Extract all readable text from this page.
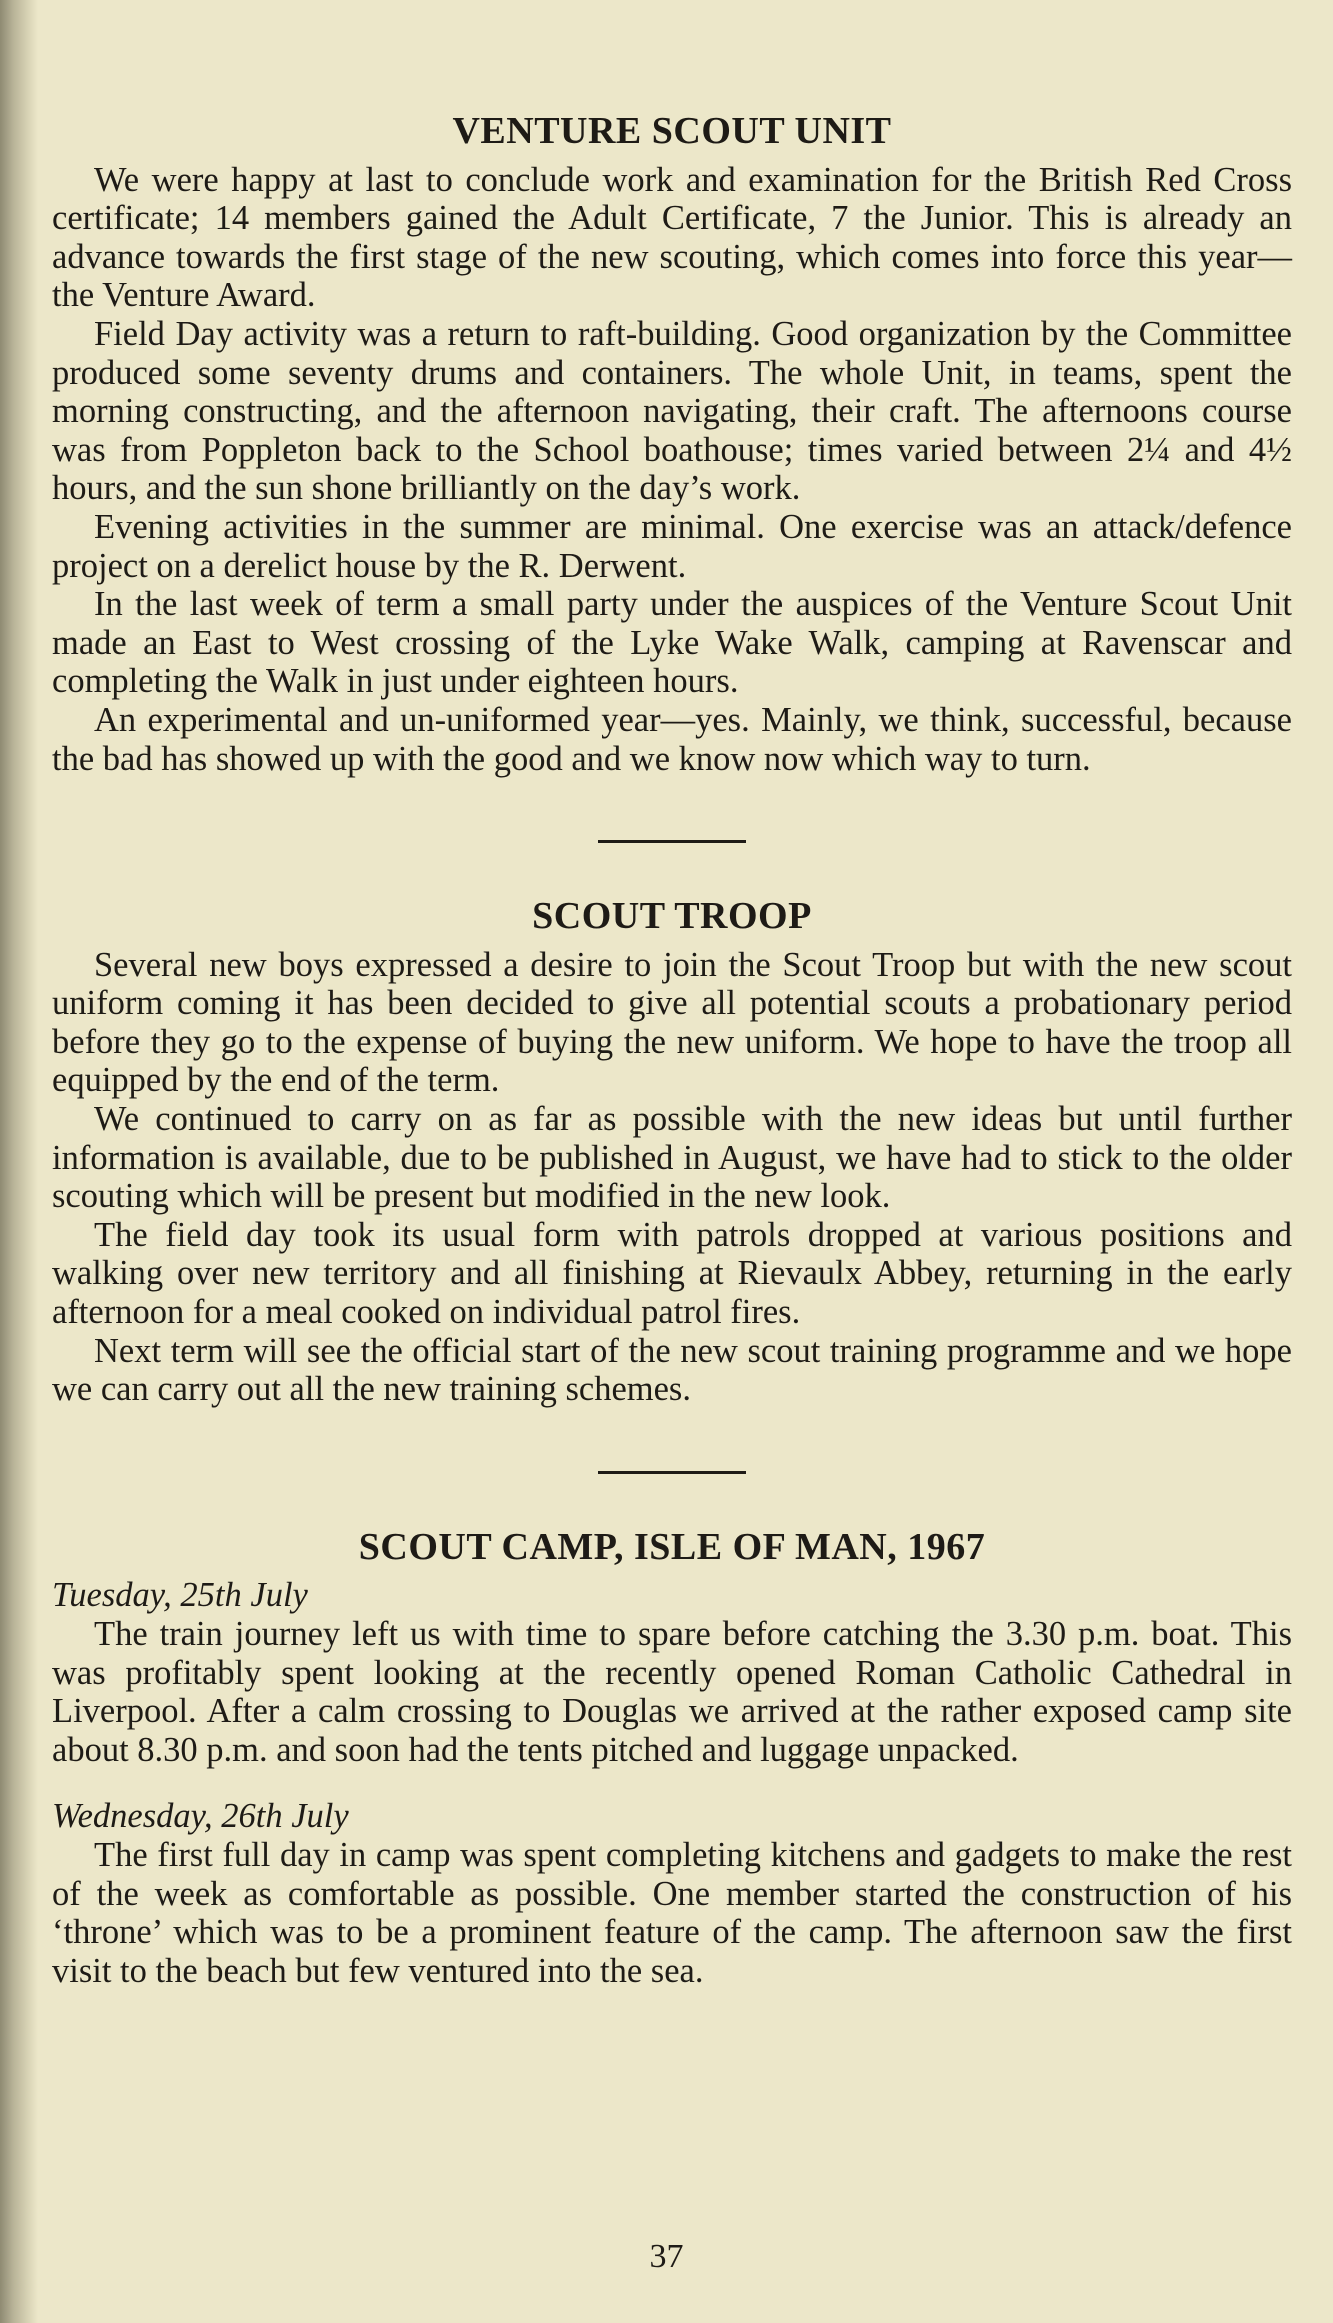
VENTURE SCOUT UNIT

We were happy at last to conclude work and examination for the British Red Cross certificate; 14 members gained the Adult Certificate, 7 the Junior. This is already an advance towards the first stage of the new scouting, which comes into force this year—the Venture Award.

Field Day activity was a return to raft-building. Good organization by the Committee produced some seventy drums and containers. The whole Unit, in teams, spent the morning constructing, and the afternoon navigating, their craft. The afternoons course was from Poppleton back to the School boathouse; times varied between 2¼ and 4½ hours, and the sun shone brilliantly on the day’s work.

Evening activities in the summer are minimal. One exercise was an attack/defence project on a derelict house by the R. Derwent.

In the last week of term a small party under the auspices of the Venture Scout Unit made an East to West crossing of the Lyke Wake Walk, camping at Ravenscar and completing the Walk in just under eighteen hours.

An experimental and un-uniformed year—yes. Mainly, we think, successful, because the bad has showed up with the good and we know now which way to turn.

SCOUT TROOP

Several new boys expressed a desire to join the Scout Troop but with the new scout uniform coming it has been decided to give all potential scouts a probationary period before they go to the expense of buying the new uniform. We hope to have the troop all equipped by the end of the term.

We continued to carry on as far as possible with the new ideas but until further information is available, due to be published in August, we have had to stick to the older scouting which will be present but modified in the new look.

The field day took its usual form with patrols dropped at various positions and walking over new territory and all finishing at Rievaulx Abbey, returning in the early afternoon for a meal cooked on individual patrol fires.

Next term will see the official start of the new scout training programme and we hope we can carry out all the new training schemes.

SCOUT CAMP, ISLE OF MAN, 1967
Tuesday, 25th July

The train journey left us with time to spare before catching the 3.30 p.m. boat. This was profitably spent looking at the recently opened Roman Catholic Cathedral in Liverpool. After a calm crossing to Douglas we arrived at the rather exposed camp site about 8.30 p.m. and soon had the tents pitched and luggage unpacked.

Wednesday, 26th July

The first full day in camp was spent completing kitchens and gadgets to make the rest of the week as comfortable as possible. One member started the construction of his ‘throne’ which was to be a prominent feature of the camp. The afternoon saw the first visit to the beach but few ventured into the sea.

37
